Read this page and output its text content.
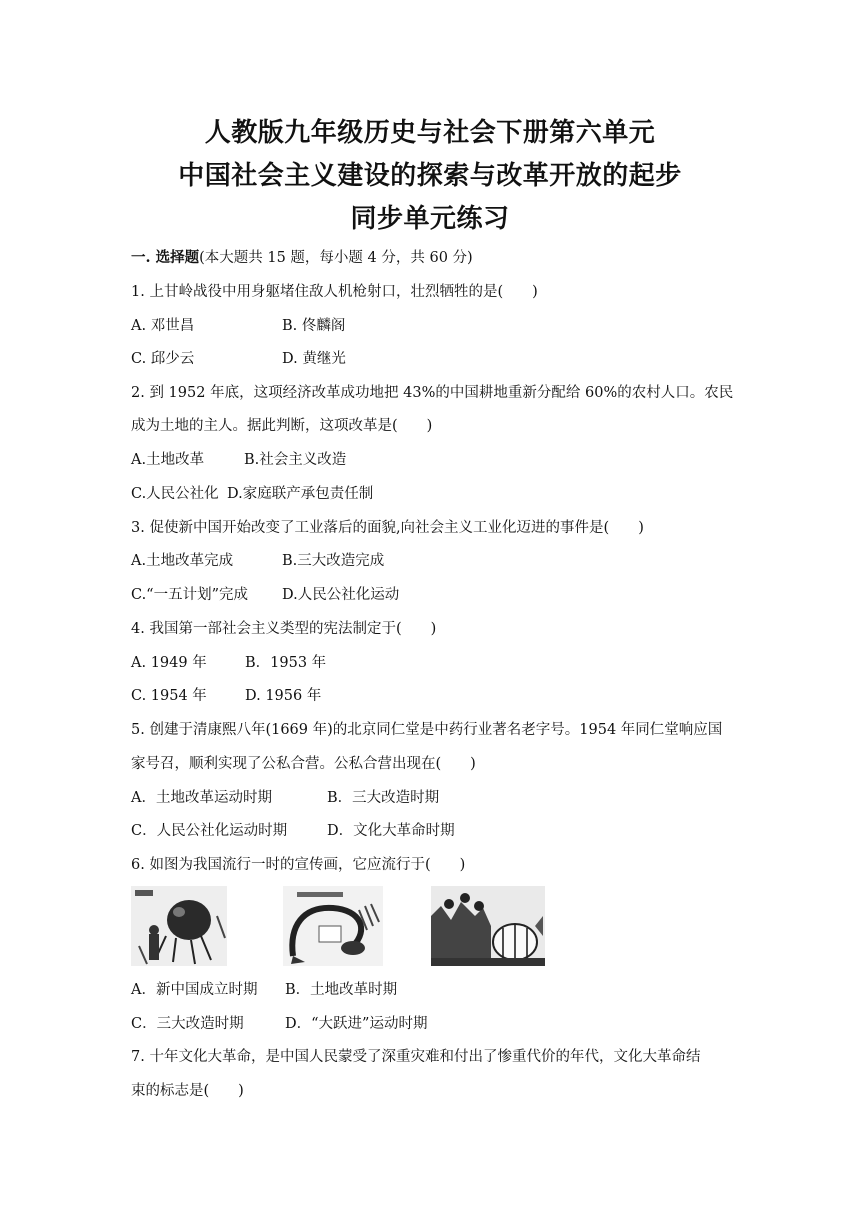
人教版九年级历史与社会下册第六单元
中国社会主义建设的探索与改革开放的起步
同步单元练习
一. 选择题(本大题共 15 题，每小题 4 分，共 60 分)
1. 上甘岭战役中用身躯堵住敌人机枪射口，壮烈牺牲的是(　　)
A. 邓世昌	B. 佟麟阁
C. 邱少云	D. 黄继光
2. 到 1952 年底，这项经济改革成功地把 43%的中国耕地重新分配给 60%的农村人口。农民
成为土地的主人。据此判断，这项改革是(　　)
A.土地改革	B.社会主义改造
C.人民公社化 D.家庭联产承包责任制
3. 促使新中国开始改变了工业落后的面貌,向社会主义工业化迈进的事件是(　　)
A.土地改革完成	B.三大改造完成
C.“一五计划”完成 D.人民公社化运动
4. 我国第一部社会主义类型的宪法制定于(　　)
A. 1949 年	B．1953 年
C. 1954 年	D. 1956 年
5. 创建于清康熙八年(1669 年)的北京同仁堂是中药行业著名老字号。1954 年同仁堂响应国
家号召，顺利实现了公私合营。公私合营出现在(　　)
A．土地改革运动时期	B．三大改造时期
C．人民公社化运动时期	D．文化大革命时期
6. 如图为我国流行一时的宣传画，它应流行于(　　)
A．新中国成立时期 B．土地改革时期
C．三大改造时期	D．“大跃进”运动时期
7. 十年文化大革命，是中国人民蒙受了深重灾难和付出了惨重代价的年代，文化大革命结
束的标志是(　　)
